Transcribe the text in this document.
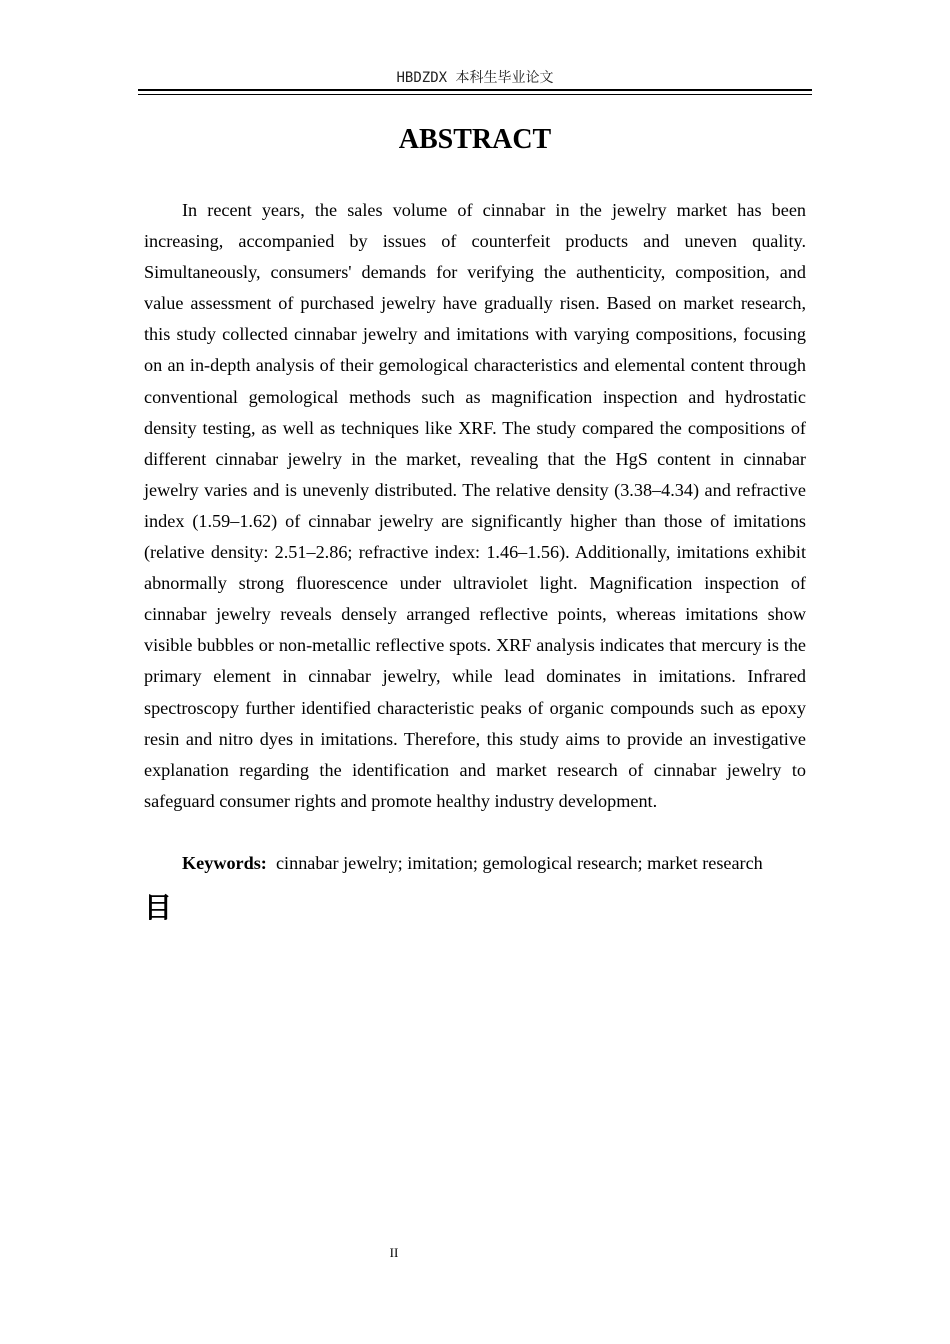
HBDZDX 本科生毕业论文
ABSTRACT

In recent years, the sales volume of cinnabar in the jewelry market has been increasing, accompanied by issues of counterfeit products and uneven quality. Simultaneously, consumers' demands for verifying the authenticity, composition, and value assessment of purchased jewelry have gradually risen. Based on market research, this study collected cinnabar jewelry and imitations with varying compositions, focusing on an in-depth analysis of their gemological characteristics and elemental content through conventional gemological methods such as magnification inspection and hydrostatic density testing, as well as techniques like XRF. The study compared the compositions of different cinnabar jewelry in the market, revealing that the HgS content in cinnabar jewelry varies and is unevenly distributed. The relative density (3.38–4.34) and refractive index (1.59–1.62) of cinnabar jewelry are significantly higher than those of imitations (relative density: 2.51–2.86; refractive index: 1.46–1.56). Additionally, imitations exhibit abnormally strong fluorescence under ultraviolet light. Magnification inspection of cinnabar jewelry reveals densely arranged reflective points, whereas imitations show visible bubbles or non-metallic reflective spots. XRF analysis indicates that mercury is the primary element in cinnabar jewelry, while lead dominates in imitations. Infrared spectroscopy further identified characteristic peaks of organic compounds such as epoxy resin and nitro dyes in imitations. Therefore, this study aims to provide an investigative explanation regarding the identification and market research of cinnabar jewelry to safeguard consumer rights and promote healthy industry development.

Keywords: cinnabar jewelry; imitation; gemological research; market research

目
II
